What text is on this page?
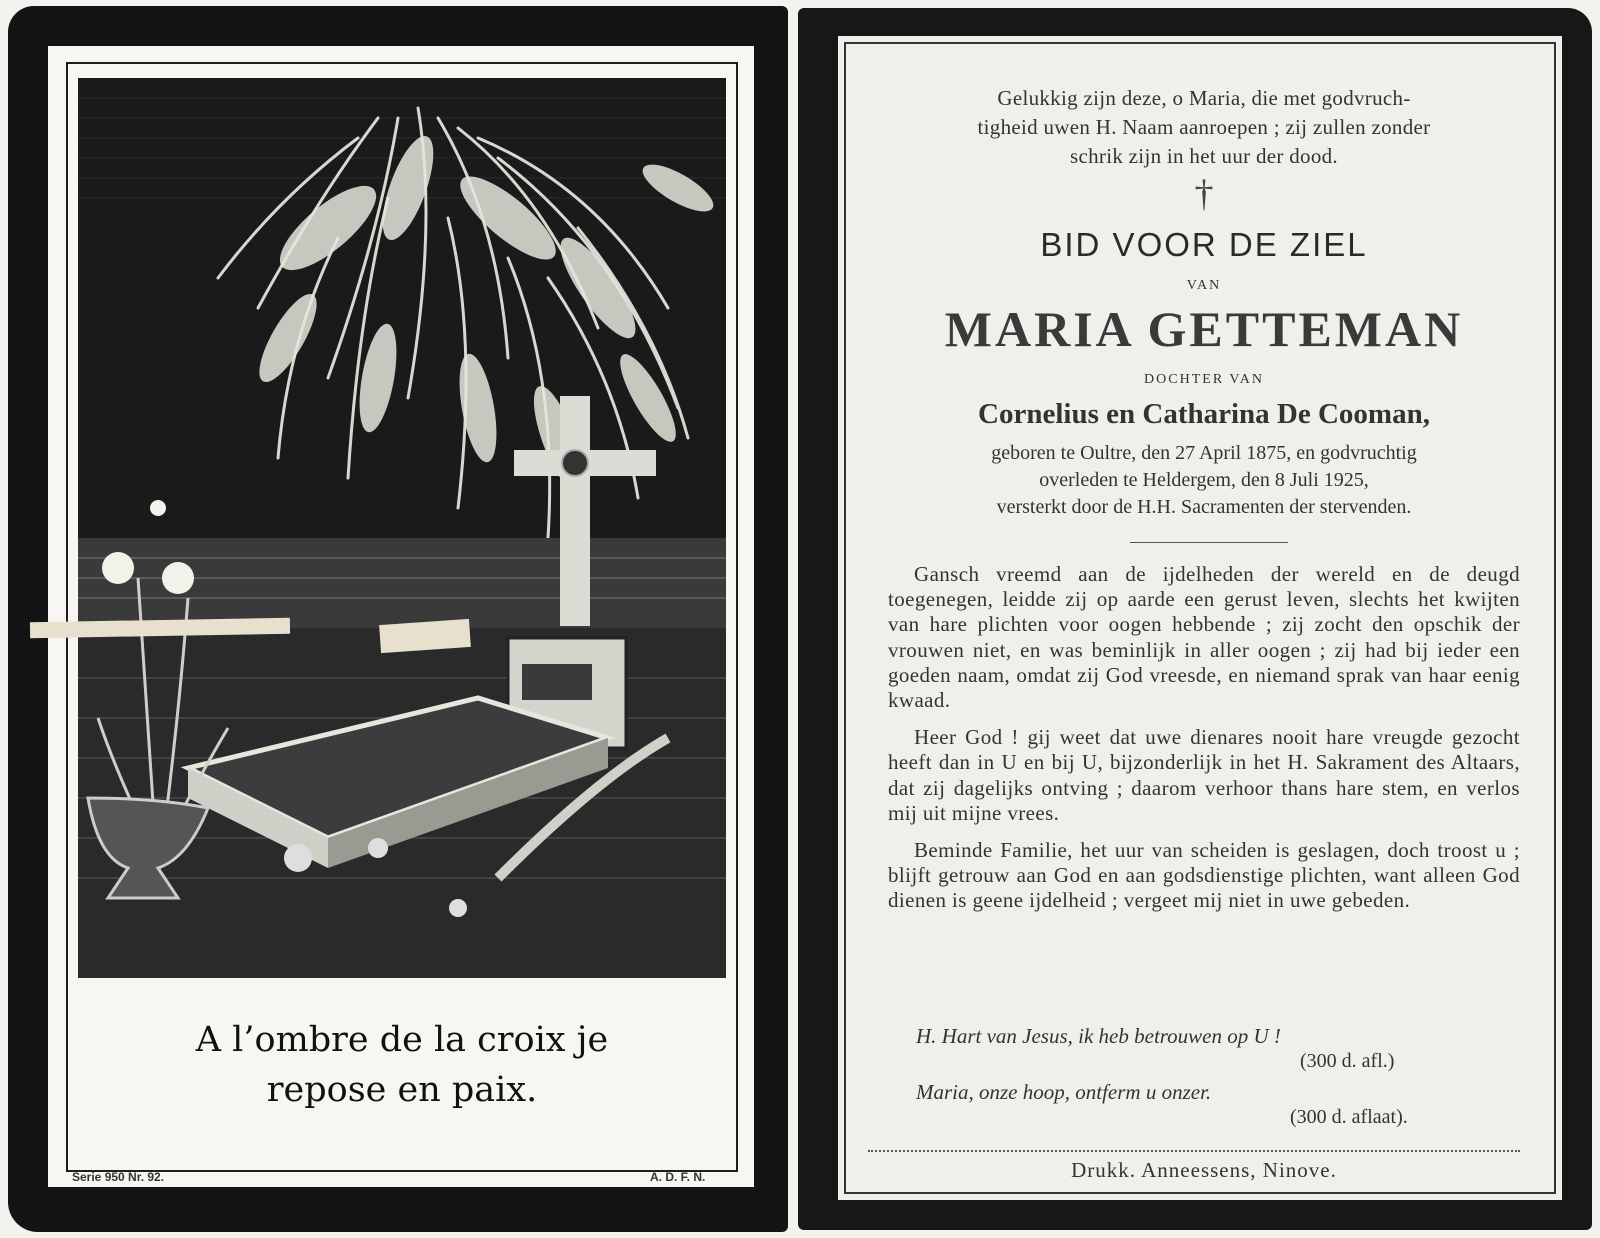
A l’ombre de la croix je
repose en paix.
Serie 950 Nr. 92.	A. D. F. N.
Gelukkig zijn deze, o Maria, die met godvruch-
tigheid uwen H. Naam aanroepen ; zij zullen zonder
schrik zijn in het uur der dood.
†
BID VOOR DE ZIEL
VAN
MARIA GETTEMAN
DOCHTER VAN
Cornelius en Catharina De Cooman,
geboren te Oultre, den 27 April 1875, en godvruchtig
overleden te Heldergem, den 8 Juli 1925,
versterkt door de H.H. Sacramenten der stervenden.

Gansch vreemd aan de ijdelheden der wereld en de deugd toegenegen, leidde zij op aarde een gerust leven, slechts het kwijten van hare plichten voor oogen hebbende ; zij zocht den opschik der vrouwen niet, en was beminlijk in aller oogen ; zij had bij ieder een goeden naam, omdat zij God vreesde, en niemand sprak van haar eenig kwaad.

Heer God ! gij weet dat uwe dienares nooit hare vreugde gezocht heeft dan in U en bij U, bijzonderlijk in het H. Sakrament des Altaars, dat zij dagelijks ontving ; daarom verhoor thans hare stem, en verlos mij uit mijne vrees.

Beminde Familie, het uur van scheiden is geslagen, doch troost u ; blijft getrouw aan God en aan godsdienstige plichten, want alleen God dienen is geene ijdelheid ; vergeet mij niet in uwe gebeden.

H. Hart van Jesus, ik heb betrouwen op U !
(300 d. afl.)
Maria, onze hoop, ontferm u onzer.
(300 d. aflaat).
Drukk. Anneessens, Ninove.
